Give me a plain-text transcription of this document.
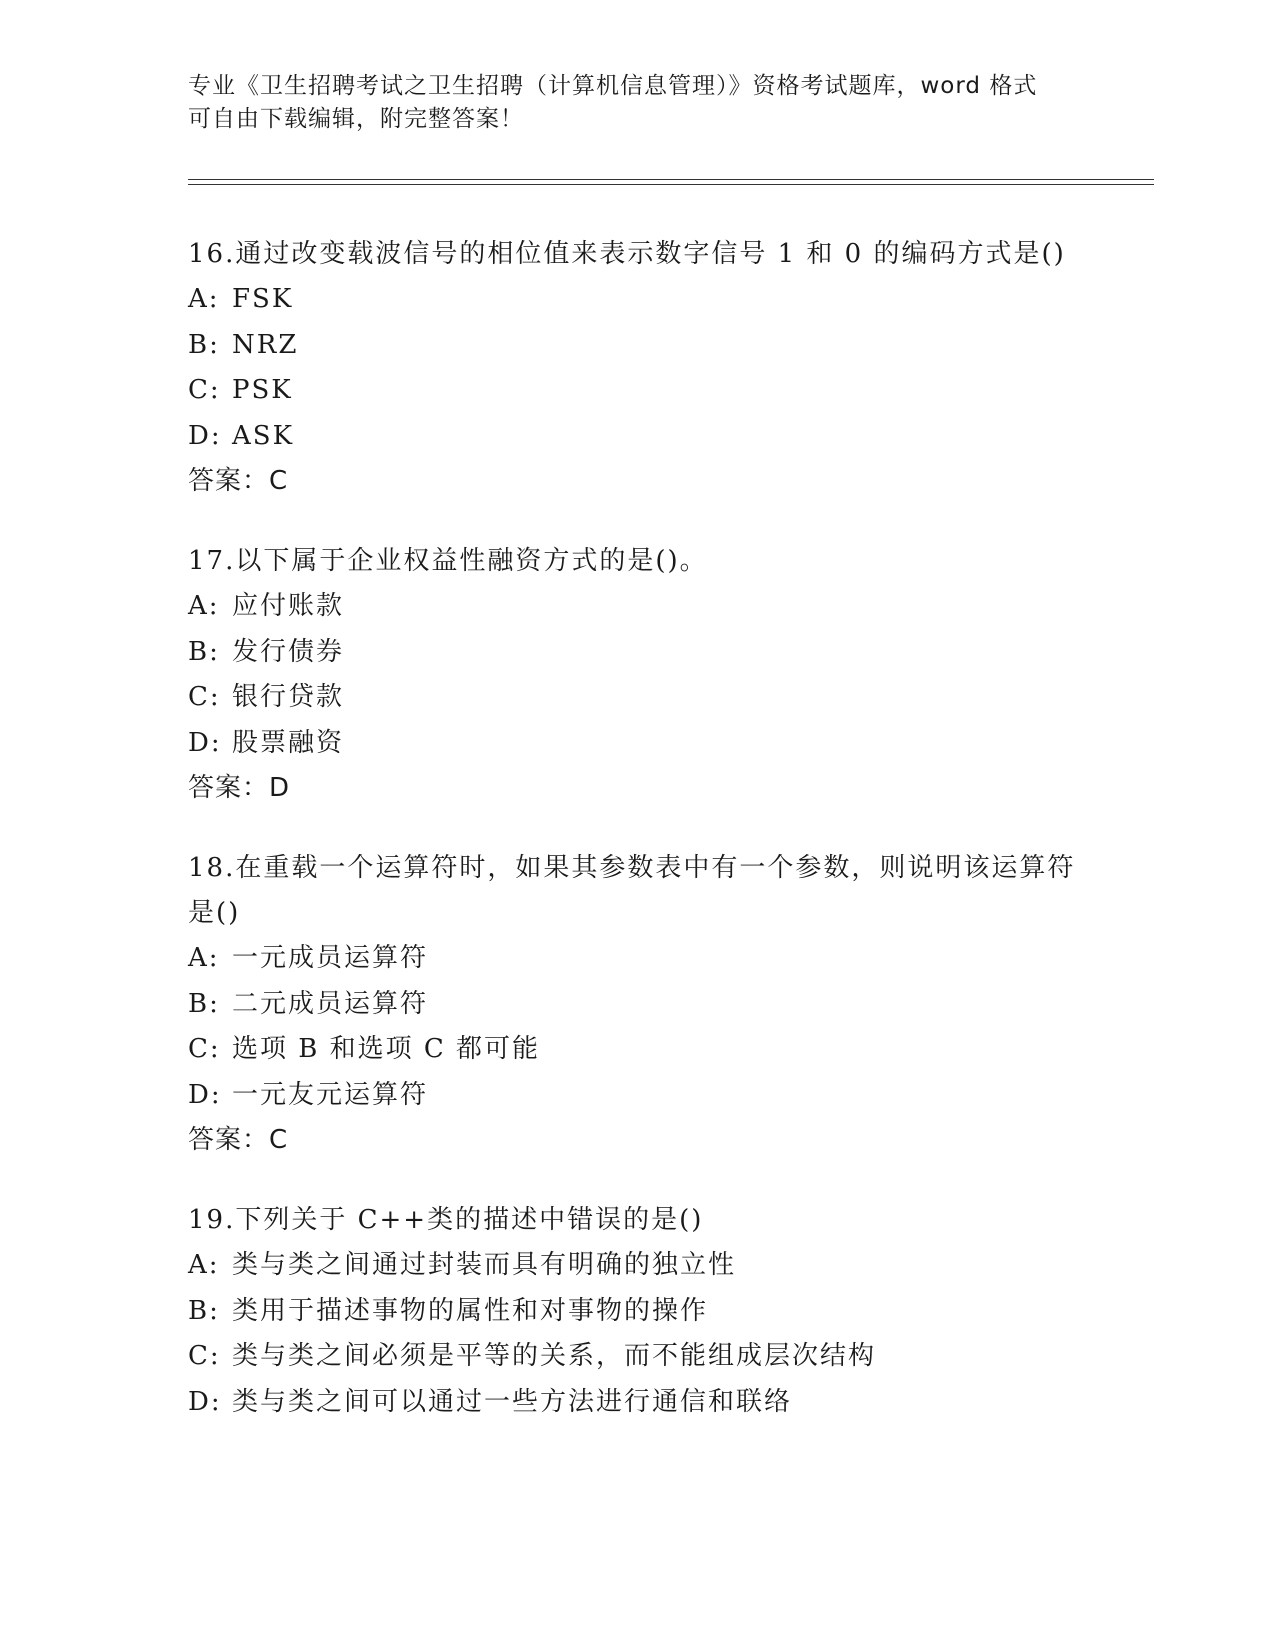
专业《卫生招聘考试之卫生招聘（计算机信息管理）》资格考试题库，word 格式
可自由下载编辑，附完整答案！
16.通过改变载波信号的相位值来表示数字信号 1 和 0 的编码方式是()
A: FSK
B: NRZ
C: PSK
D: ASK
答案：C
17.以下属于企业权益性融资方式的是()。
A: 应付账款
B: 发行债券
C: 银行贷款
D: 股票融资
答案：D
18.在重载一个运算符时，如果其参数表中有一个参数，则说明该运算符是()
A: 一元成员运算符
B: 二元成员运算符
C: 选项 B 和选项 C 都可能
D: 一元友元运算符
答案：C
19.下列关于 C++类的描述中错误的是()
A: 类与类之间通过封装而具有明确的独立性
B: 类用于描述事物的属性和对事物的操作
C: 类与类之间必须是平等的关系，而不能组成层次结构
D: 类与类之间可以通过一些方法进行通信和联络
